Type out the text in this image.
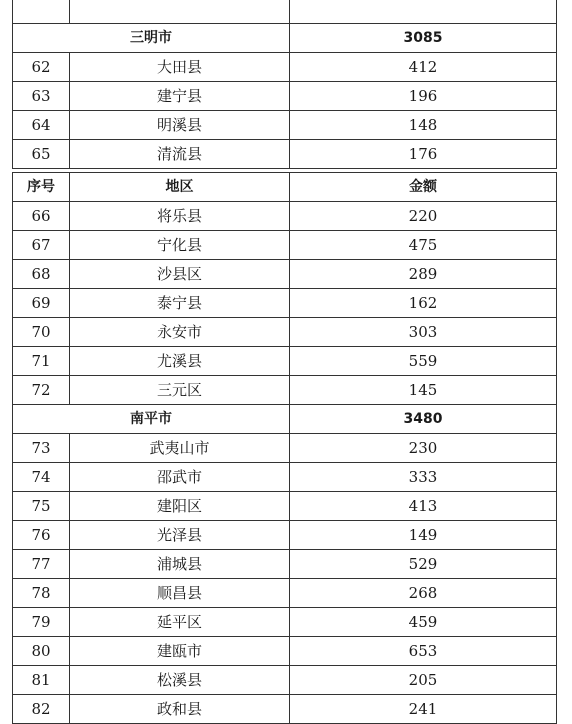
三明市		3085
62	大田县	412
63	建宁县	196
64	明溪县	148
65	清流县	176
序号	地区	金额
66	将乐县	220
67	宁化县	475
68	沙县区	289
69	泰宁县	162
70	永安市	303
71	尤溪县	559
72	三元区	145
南平市		3480
73	武夷山市	230
74	邵武市	333
75	建阳区	413
76	光泽县	149
77	浦城县	529
78	顺昌县	268
79	延平区	459
80	建瓯市	653
81	松溪县	205
82	政和县	241
